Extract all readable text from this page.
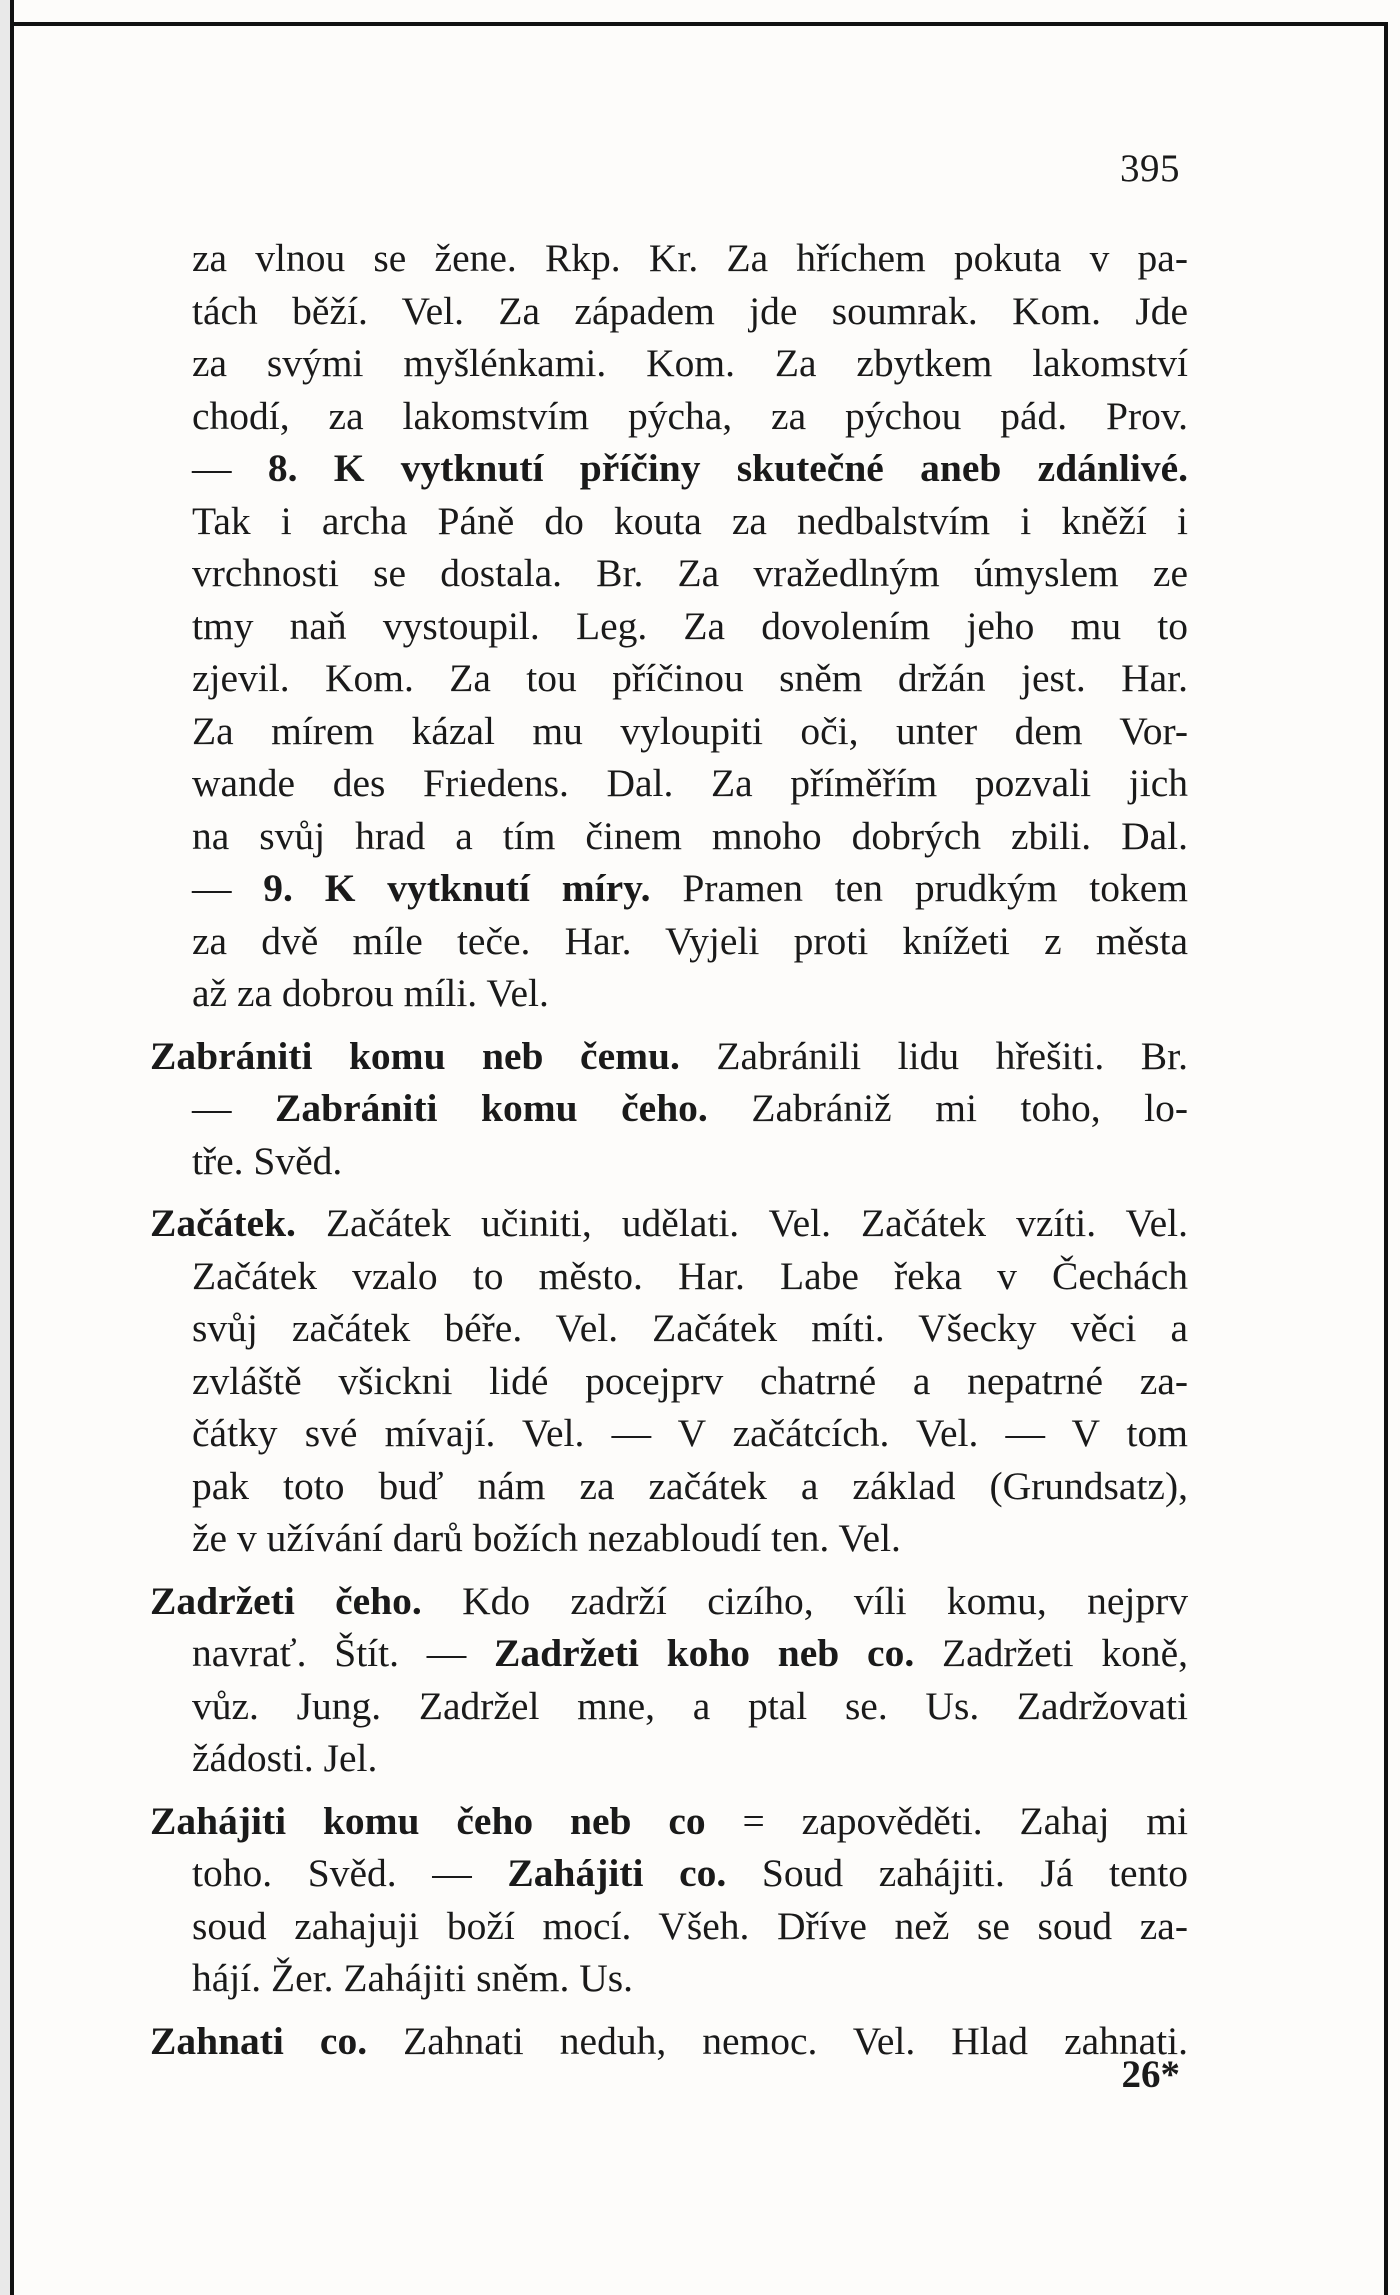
395
za vlnou se žene. Rkp. Kr. Za hříchem pokuta v pa-
tách běží. Vel. Za západem jde soumrak. Kom. Jde
za svými myšlénkami. Kom. Za zbytkem lakomství
chodí, za lakomstvím pýcha, za pýchou pád. Prov.
— 8. K vytknutí příčiny skutečné aneb zdánlivé.
Tak i archa Páně do kouta za nedbalstvím i kněží i
vrchnosti se dostala. Br. Za vražedlným úmyslem ze
tmy naň vystoupil. Leg. Za dovolením jeho mu to
zjevil. Kom. Za tou příčinou sněm držán jest. Har.
Za mírem kázal mu vyloupiti oči, unter dem Vor-
wande des Friedens. Dal. Za příměřím pozvali jich
na svůj hrad a tím činem mnoho dobrých zbili. Dal.
— 9. K vytknutí míry. Pramen ten prudkým tokem
za dvě míle teče. Har. Vyjeli proti knížeti z města
až za dobrou míli. Vel.
Zabrániti komu neb čemu. Zabránili lidu hřešiti. Br.
— Zabrániti komu čeho. Zabrániž mi toho, lo-
tře. Svěd.
Začátek. Začátek učiniti, udělati. Vel. Začátek vzíti. Vel.
Začátek vzalo to město. Har. Labe řeka v Čechách
svůj začátek béře. Vel. Začátek míti. Všecky věci a
zvláště všickni lidé pocejprv chatrné a nepatrné za-
čátky své mívají. Vel. — V začátcích. Vel. — V tom
pak toto buď nám za začátek a základ (Grundsatz),
že v užívání darů božích nezabloudí ten. Vel.
Zadržeti čeho. Kdo zadrží cizího, víli komu, nejprv
navrať. Štít. — Zadržeti koho neb co. Zadržeti koně,
vůz. Jung. Zadržel mne, a ptal se. Us. Zadržovati
žádosti. Jel.
Zahájiti komu čeho neb co = zapověděti. Zahaj mi
toho. Svěd. — Zahájiti co. Soud zahájiti. Já tento
soud zahajuji boží mocí. Všeh. Dříve než se soud za-
hájí. Žer. Zahájiti sněm. Us.
Zahnati co. Zahnati neduh, nemoc. Vel. Hlad zahnati.
26*
